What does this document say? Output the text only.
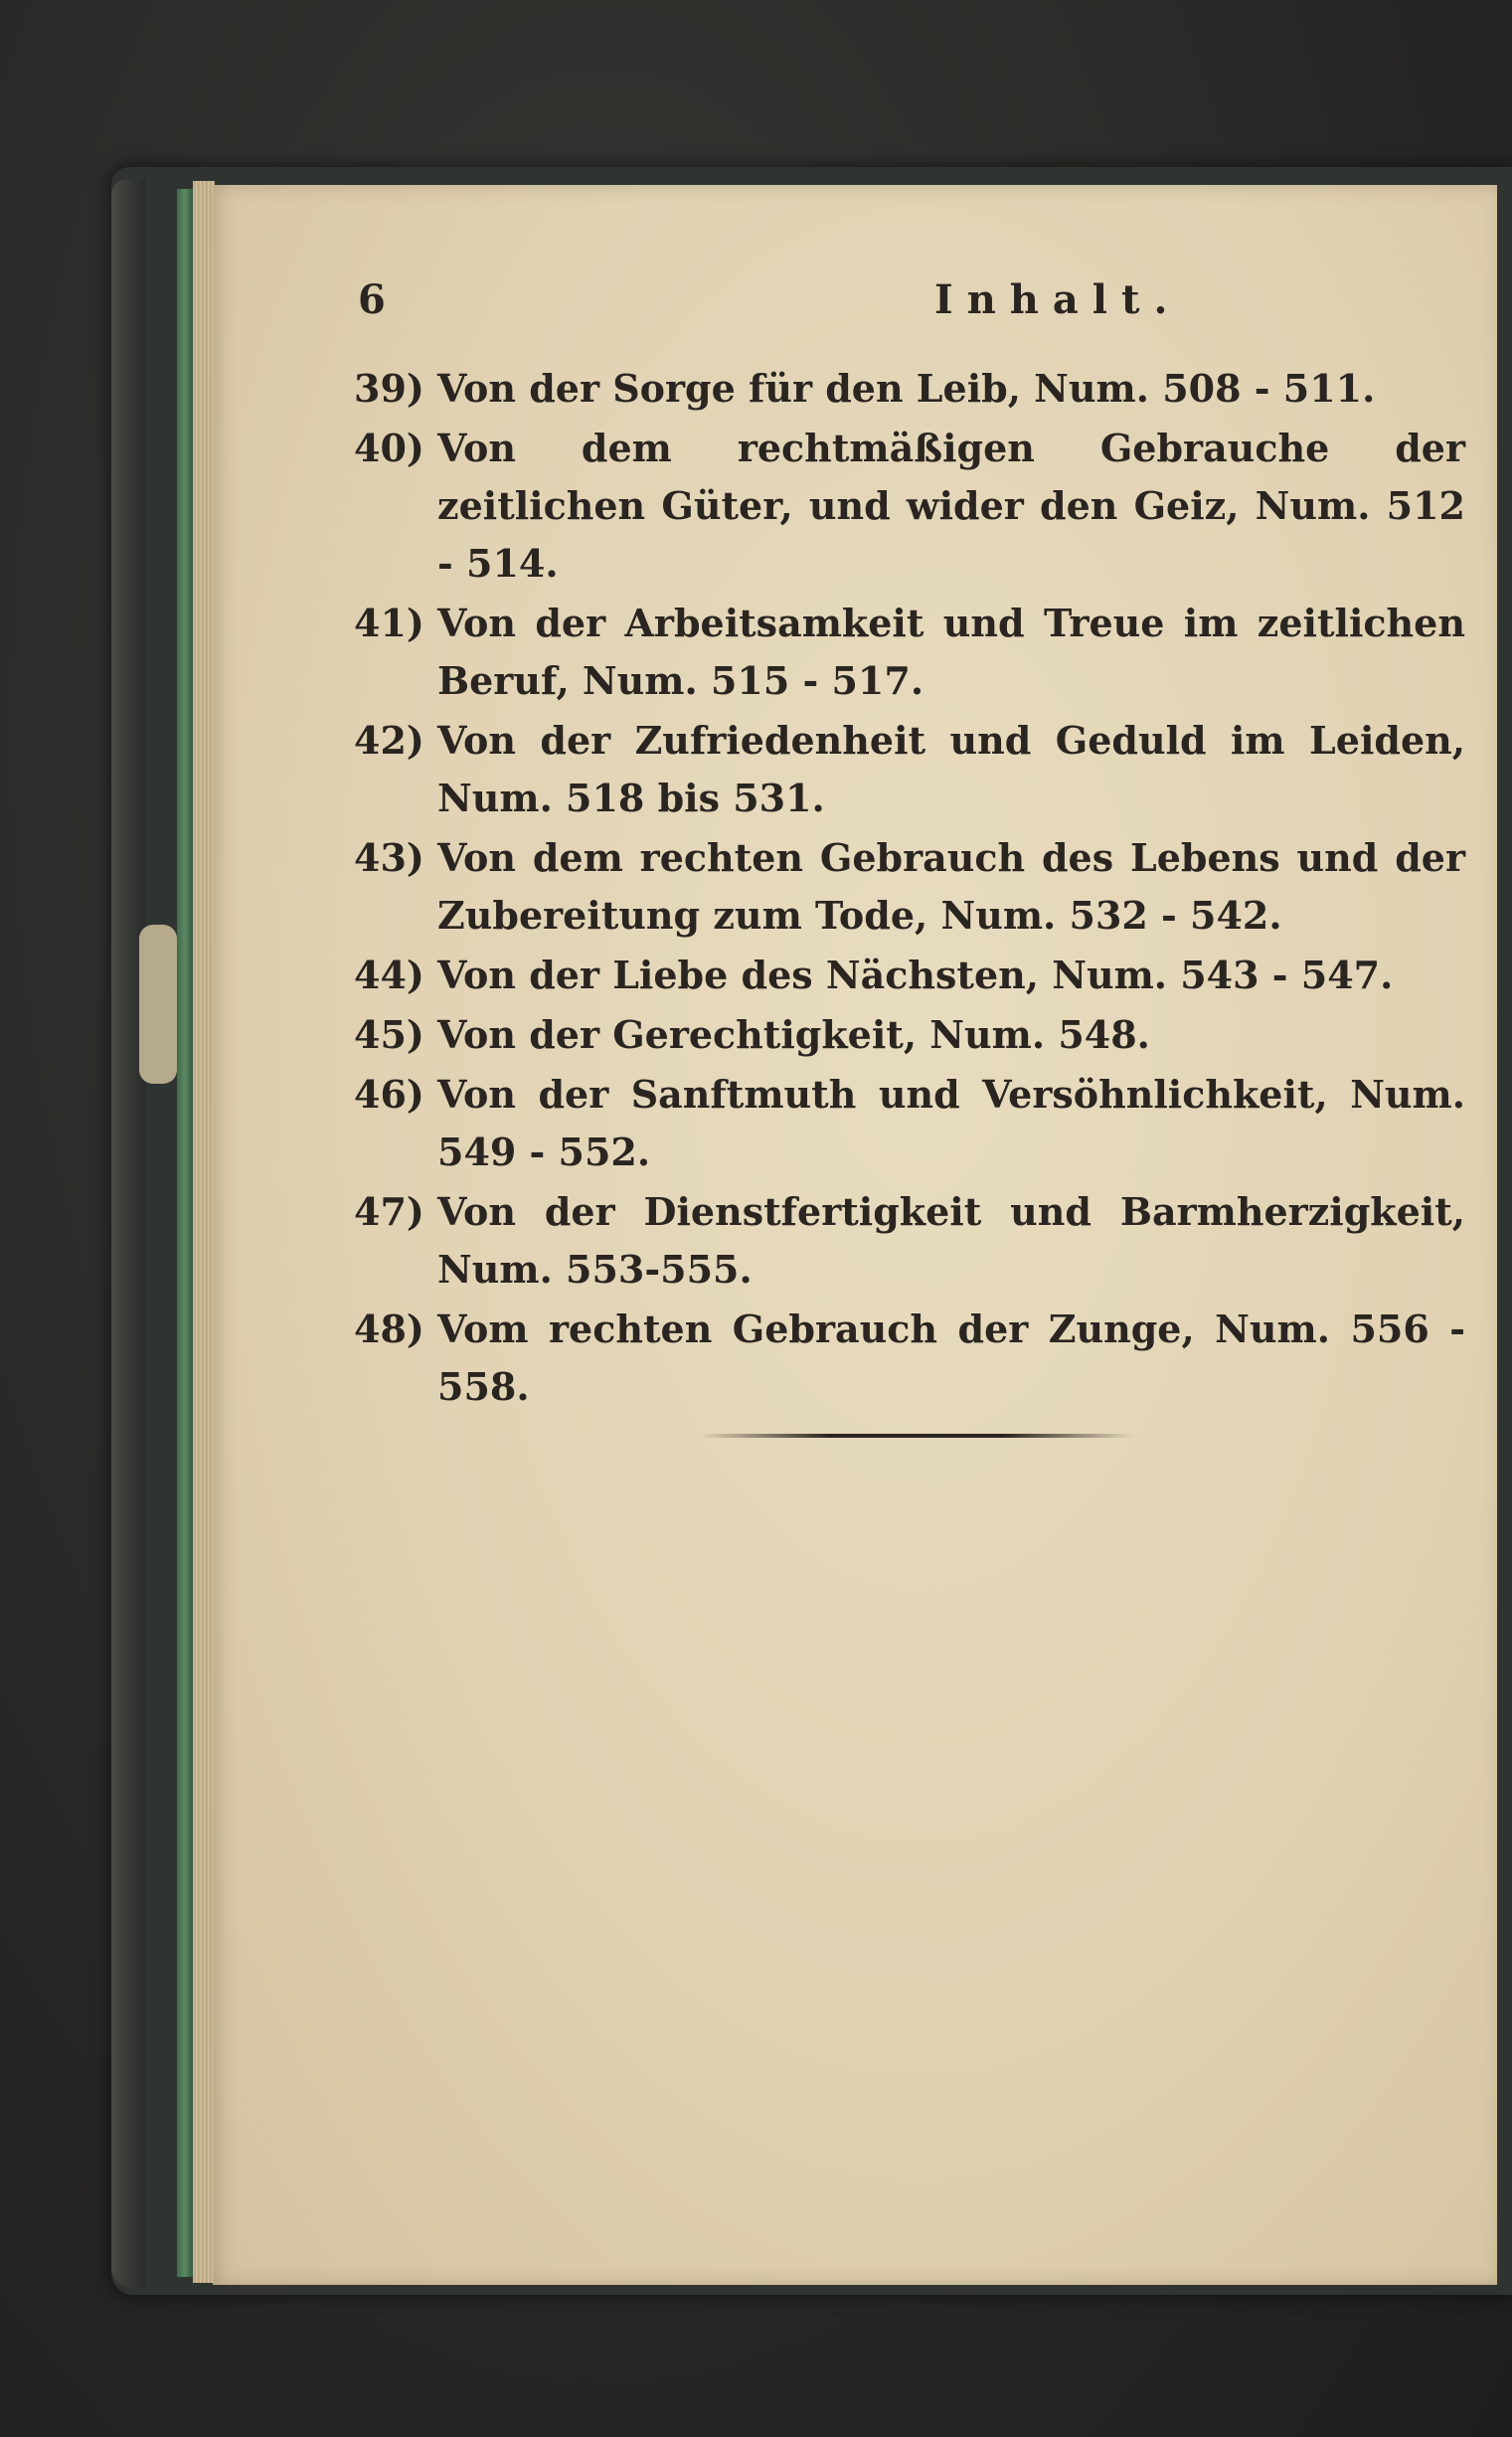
6	Inhalt.
39) Von der Sorge für den Leib, Num. 508 - 511.
40) Von dem rechtmäßigen Gebrauche der zeitlichen Güter, und wider den Geiz, Num. 512 - 514.
41) Von der Arbeitsamkeit und Treue im zeitlichen Beruf, Num. 515 - 517.
42) Von der Zufriedenheit und Geduld im Leiden, Num. 518 bis 531.
43) Von dem rechten Gebrauch des Lebens und der Zubereitung zum Tode, Num. 532 - 542.
44) Von der Liebe des Nächsten, Num. 543 - 547.
45) Von der Gerechtigkeit, Num. 548.
46) Von der Sanftmuth und Versöhnlichkeit, Num. 549 - 552.
47) Von der Dienstfertigkeit und Barmherzigkeit, Num. 553-555.
48) Vom rechten Gebrauch der Zunge, Num. 556 - 558.
